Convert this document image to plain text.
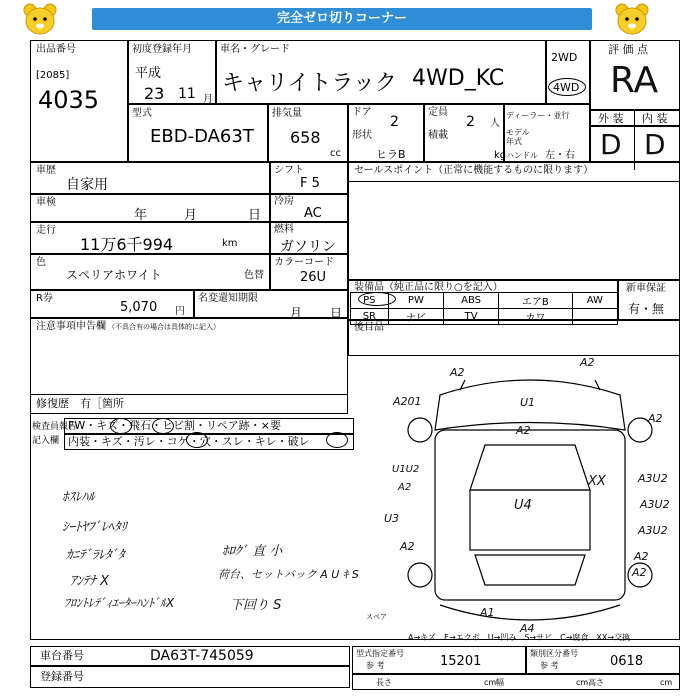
完全ゼロ切りコーナー
出品番号
[2085]
4035
初度登録年月
平成
23 11 月
車名・グレード
キャリイトラック 4WD_KC
2WD
4WD
評 価 点
RA
外 装 内 装
D D
型式
EBD-DA63T
排気量
658
cc
ドア
2
形状
ヒラB
定員
2 人
積載
kg
ディーラー・並行
モデル年式
ハンドル 左・右
車歴
自家用
シフト
F 5
車検
年	月	日
冷房
AC
走行
11万6千994	km
燃料
ガソリン
色
スペリアホワイト	色替
カラーコード
26U
R券
5,070 円
名変還知期限
月 日
セールスポイント（正常に機能するものに限ります）
装備品（純正品に限り○を記入）
PS	PW	ABS	エアB	AW
SR	ナビ	TV	カワ	
新車保証
有・無
注意事項申告欄 （不具合有の場合は具体的に記入）	後目品
修復歴 有［箇所
検査員報告
記入欄
FW・キズ・飛石・ヒビ割・リペア跡・×要
内装・キズ・汚レ・コゲ・穴・スレ・キレ・破レ
ﾎｽﾚﾊﾙ
ｼｰﾄﾔﾌﾞﾚﾍﾀﾘ
ｶﾆﾃﾞﾗﾚﾀﾞﾀ
ｱﾝﾃﾅ X
ﾌﾛﾝﾄﾚﾃﾞｨｴｰﾀｰﾊﾝﾄﾞﾙX
ﾎﾛｸﾞ 直 小
荷台、セットバック A U ｷ S
下回り S
A201	U1
A2
A2
A2
A2
U1U2
A2
U3
A2
U4
XX	A3U2
A3U2
A3U2
A2
A2
A1
A4
スペア
A→キズ　E→エクボ　U→凹み　S→サビ　C→腐食　XX→交換
車台番号	DA63T-745059
登録番号
型式指定番号
参 考	15201
類別区分番号
参 考	0618
長さ	cm 幅	cm 高さ	cm
